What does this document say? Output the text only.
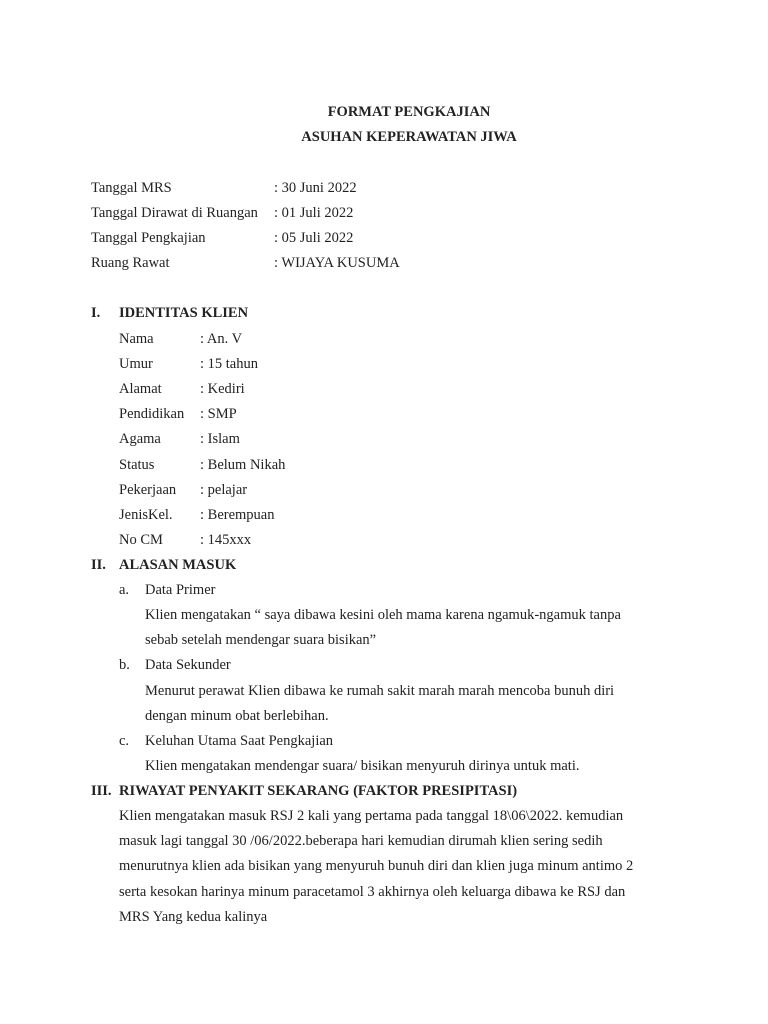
FORMAT PENGKAJIAN
ASUHAN KEPERAWATAN JIWA
Tanggal MRS	: 30 Juni 2022
Tanggal Dirawat di Ruangan : 01 Juli 2022
Tanggal Pengkajian	: 05 Juli 2022
Ruang Rawat	: WIJAYA KUSUMA
I. IDENTITAS KLIEN
Nama	: An. V
Umur	: 15 tahun
Alamat	: Kediri
Pendidikan : SMP
Agama	: Islam
Status	: Belum Nikah
Pekerjaan : pelajar
JenisKel. : Berempuan
No CM	: 145xxx
II. ALASAN MASUK
a. Data Primer
Klien mengatakan “ saya dibawa kesini oleh mama karena ngamuk-ngamuk tanpa
sebab setelah mendengar suara bisikan”
b. Data Sekunder
Menurut perawat Klien dibawa ke rumah sakit marah marah mencoba bunuh diri
dengan minum obat berlebihan.
c. Keluhan Utama Saat Pengkajian
Klien mengatakan mendengar suara/ bisikan menyuruh dirinya untuk mati.
III. RIWAYAT PENYAKIT SEKARANG (FAKTOR PRESIPITASI)
Klien mengatakan masuk RSJ 2 kali yang pertama pada tanggal 18\06\2022. kemudian
masuk lagi tanggal 30 /06/2022.beberapa hari kemudian dirumah klien sering sedih
menurutnya klien ada bisikan yang menyuruh bunuh diri dan klien juga minum antimo 2
serta kesokan harinya minum paracetamol 3 akhirnya oleh keluarga dibawa ke RSJ dan
MRS Yang kedua kalinya
